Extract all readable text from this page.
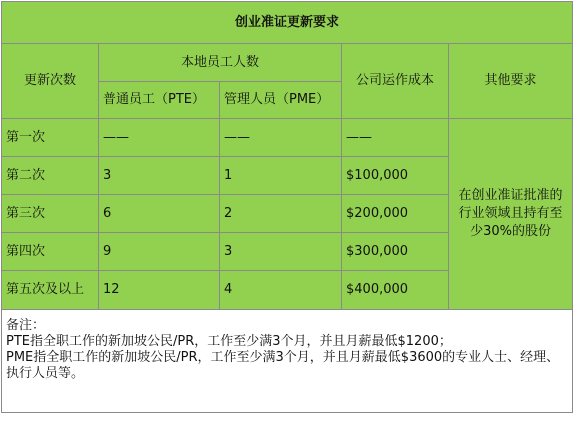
创业准证更新要求				
更新次数	本地员工人数		公司运作成本	其他要求
	普通员工（PTE）	管理人员（PME）		
第一次	——	——	——	在创业准证批准的行业领域且持有至少30%的股份
第二次	3	1	$100,000	
第三次	6	2	$200,000	
第四次	9	3	$300,000	
第五次及以上	12	4	$400,000	

备注：
PTE指全职工作的新加坡公民/PR，工作至少满3个月，并且月薪最低$1200；
PME指全职工作的新加坡公民/PR，工作至少满3个月，并且月薪最低$3600的专业人士、经理、执行人员等。				
